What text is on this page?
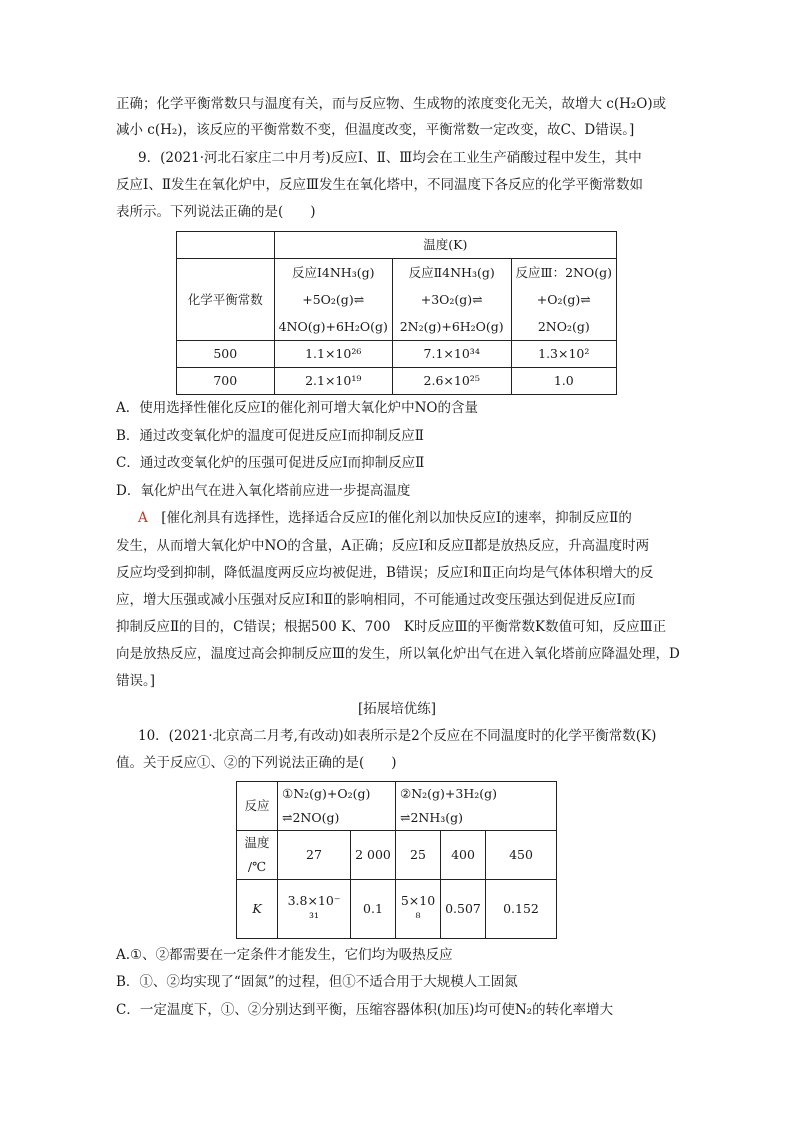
正确；化学平衡常数只与温度有关，而与反应物、生成物的浓度变化无关，故增大 c(H₂O)或
减小 c(H₂)，该反应的平衡常数不变，但温度改变，平衡常数一定改变，故C、D错误。]
9．(2021·河北石家庄二中月考)反应Ⅰ、Ⅱ、Ⅲ均会在工业生产硝酸过程中发生，其中
反应Ⅰ、Ⅱ发生在氧化炉中，反应Ⅲ发生在氧化塔中，不同温度下各反应的化学平衡常数如
表所示。下列说法正确的是(　　)
	温度(K)		
化学平衡常数	反应Ⅰ4NH₃(g)
+5O₂(g)⇌
4NO(g)+6H₂O(g)	反应Ⅱ4NH₃(g)
+3O₂(g)⇌
2N₂(g)+6H₂O(g)	反应Ⅲ：2NO(g)
+O₂(g)⇌
2NO₂(g)

500	1.1×10²⁶	7.1×10³⁴	1.3×10²
700	2.1×10¹⁹	2.6×10²⁵	1.0
A．使用选择性催化反应Ⅰ的催化剂可增大氧化炉中NO的含量
B．通过改变氧化炉的温度可促进反应Ⅰ而抑制反应Ⅱ
C．通过改变氧化炉的压强可促进反应Ⅰ而抑制反应Ⅱ
D．氧化炉出气在进入氧化塔前应进一步提高温度
A　 [催化剂具有选择性，选择适合反应Ⅰ的催化剂以加快反应Ⅰ的速率，抑制反应Ⅱ的
发生，从而增大氧化炉中NO的含量，A正确；反应Ⅰ和反应Ⅱ都是放热反应，升高温度时两
反应均受到抑制，降低温度两反应均被促进，B错误；反应Ⅰ和Ⅱ正向均是气体体积增大的反
应，增大压强或减小压强对反应Ⅰ和Ⅱ的影响相同，不可能通过改变压强达到促进反应Ⅰ而
抑制反应Ⅱ的目的，C错误；根据500 K、700　K时反应Ⅲ的平衡常数K数值可知，反应Ⅲ正
向是放热反应，温度过高会抑制反应Ⅲ的发生，所以氧化炉出气在进入氧化塔前应降温处理，D
错误。]
[拓展培优练]
10．(2021·北京高二月考,有改动)如表所示是2个反应在不同温度时的化学平衡常数(K)
值。关于反应①、②的下列说法正确的是(　　)
反应	①N₂(g)+O₂(g)
⇌2NO(g)		②N₂(g)+3H₂(g)
⇌2NH₃(g)		

温度
/℃	27	2 000	25	400	450
K	3.8×10⁻
³¹	0.1	5×10
⁸	0.507	0.152
A.①、②都需要在一定条件才能发生，它们均为吸热反应
B．①、②均实现了“固氮”的过程，但①不适合用于大规模人工固氮
C．一定温度下，①、②分别达到平衡，压缩容器体积(加压)均可使N₂的转化率增大
